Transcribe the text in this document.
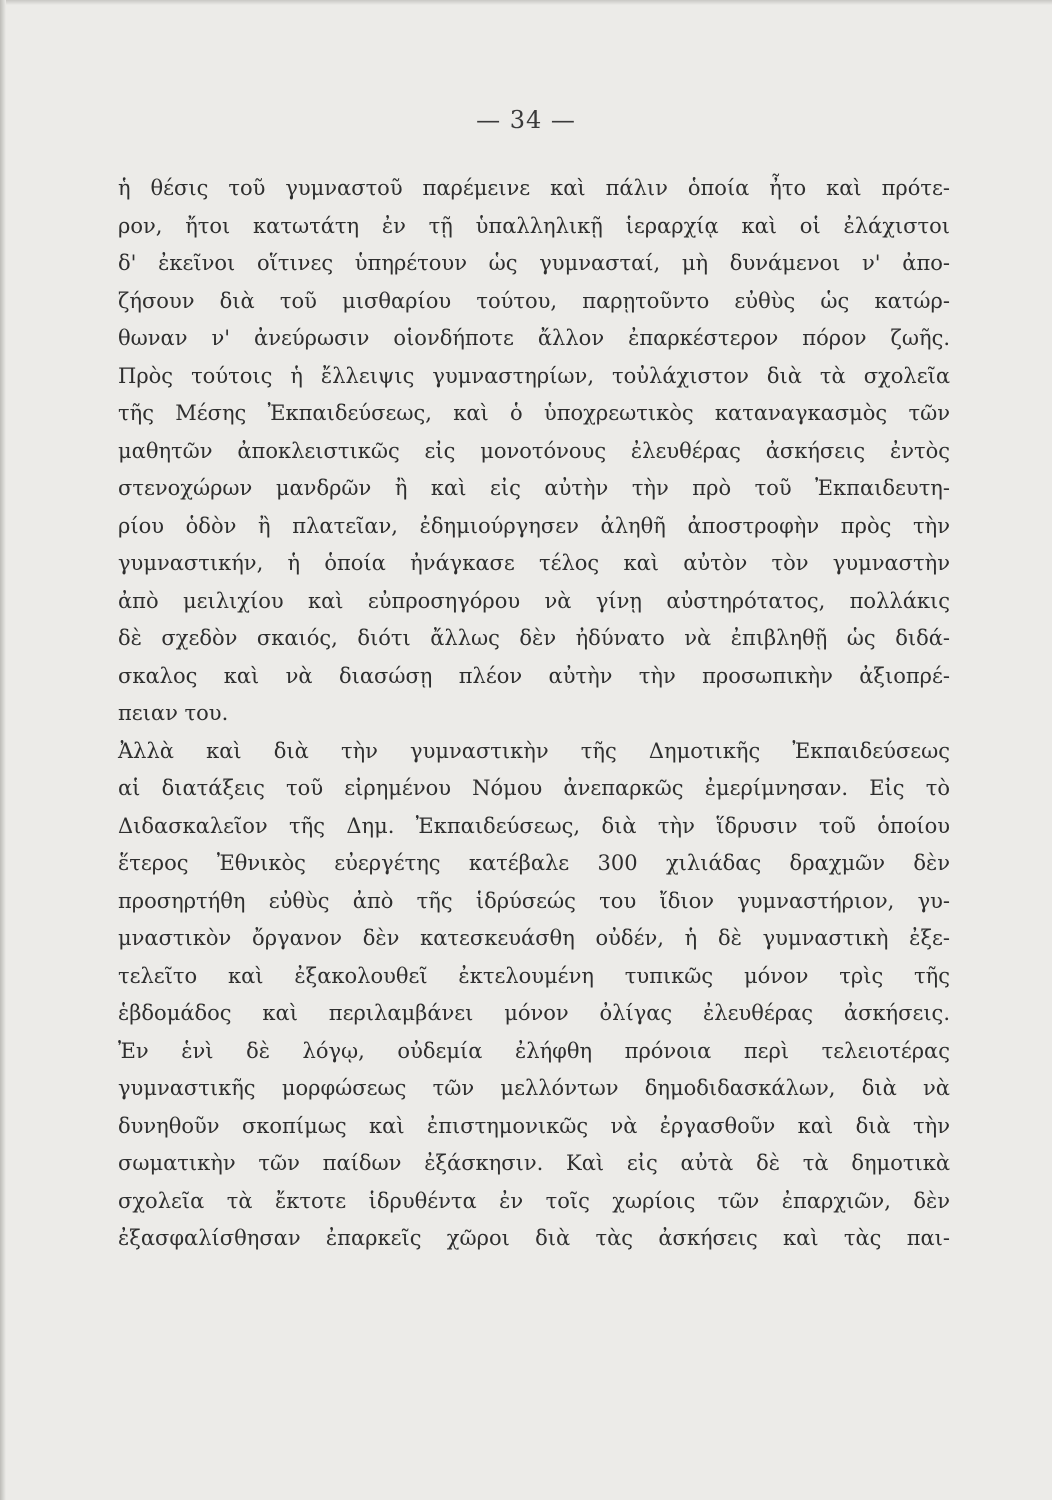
— 34 —
ἡ θέσις τοῦ γυμναστοῦ παρέμεινε καὶ πάλιν ὁποία ἦτο καὶ πρότε-
ρον, ἤτοι κατωτάτη ἐν τῇ ὑπαλληλικῇ ἱεραρχίᾳ καὶ οἱ ἐλάχιστοι
δ' ἐκεῖνοι οἵτινες ὑπηρέτουν ὡς γυμνασταί, μὴ δυνάμενοι ν' ἀπο-
ζήσουν διὰ τοῦ μισθαρίου τούτου, παρῃτοῦντο εὐθὺς ὡς κατώρ-
θωναν ν' ἀνεύρωσιν οἱονδήποτε ἄλλον ἐπαρκέστερον πόρον ζωῆς.
Πρὸς τούτοις ἡ ἔλλειψις γυμναστηρίων, τοὐλάχιστον διὰ τὰ σχολεῖα
τῆς Μέσης Ἐκπαιδεύσεως, καὶ ὁ ὑποχρεωτικὸς καταναγκασμὸς τῶν
μαθητῶν ἀποκλειστικῶς εἰς μονοτόνους ἐλευθέρας ἀσκήσεις ἐντὸς
στενοχώρων μανδρῶν ἢ καὶ εἰς αὐτὴν τὴν πρὸ τοῦ Ἐκπαιδευτη-
ρίου ὁδὸν ἢ πλατεῖαν, ἐδημιούργησεν ἀληθῆ ἀποστροφὴν πρὸς τὴν
γυμναστικήν, ἡ ὁποία ἠνάγκασε τέλος καὶ αὐτὸν τὸν γυμναστὴν
ἀπὸ μειλιχίου καὶ εὐπροσηγόρου νὰ γίνῃ αὐστηρότατος, πολλάκις
δὲ σχεδὸν σκαιός, διότι ἄλλως δὲν ἠδύνατο νὰ ἐπιβληθῇ ὡς διδά-
σκαλος καὶ νὰ διασώσῃ πλέον αὐτὴν τὴν προσωπικὴν ἀξιοπρέ-
πειαν του.
Ἀλλὰ καὶ διὰ τὴν γυμναστικὴν τῆς Δημοτικῆς Ἐκπαιδεύσεως
αἱ διατάξεις τοῦ εἰρημένου Νόμου ἀνεπαρκῶς ἐμερίμνησαν. Εἰς τὸ
Διδασκαλεῖον τῆς Δημ. Ἐκπαιδεύσεως, διὰ τὴν ἵδρυσιν τοῦ ὁποίου
ἕτερος Ἐθνικὸς εὐεργέτης κατέβαλε 300 χιλιάδας δραχμῶν δὲν
προσηρτήθη εὐθὺς ἀπὸ τῆς ἱδρύσεώς του ἴδιον γυμναστήριον, γυ-
μναστικὸν ὄργανον δὲν κατεσκευάσθη οὐδέν, ἡ δὲ γυμναστικὴ ἐξε-
τελεῖτο καὶ ἐξακολουθεῖ ἐκτελουμένη τυπικῶς μόνον τρὶς τῆς
ἑβδομάδος καὶ περιλαμβάνει μόνον ὀλίγας ἐλευθέρας ἀσκήσεις.
Ἐν ἑνὶ δὲ λόγῳ, οὐδεμία ἐλήφθη πρόνοια περὶ τελειοτέρας
γυμναστικῆς μορφώσεως τῶν μελλόντων δημοδιδασκάλων, διὰ νὰ
δυνηθοῦν σκοπίμως καὶ ἐπιστημονικῶς νὰ ἐργασθοῦν καὶ διὰ τὴν
σωματικὴν τῶν παίδων ἐξάσκησιν. Καὶ εἰς αὐτὰ δὲ τὰ δημοτικὰ
σχολεῖα τὰ ἔκτοτε ἱδρυθέντα ἐν τοῖς χωρίοις τῶν ἐπαρχιῶν, δὲν
ἐξασφαλίσθησαν ἐπαρκεῖς χῶροι διὰ τὰς ἀσκήσεις καὶ τὰς παι-
